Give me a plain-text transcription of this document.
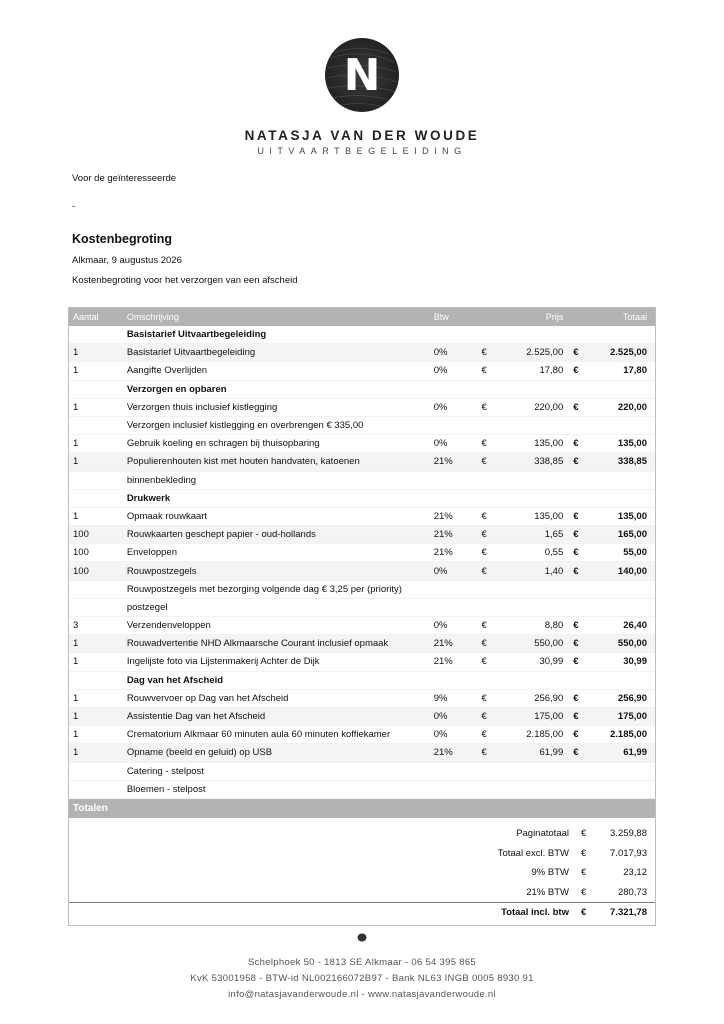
N
NATASJA VAN DER WOUDE
UITVAARTBEGELEIDING
Voor de geïnteresseerde
-
Kostenbegroting
Alkmaar, 9 augustus 2026
Kostenbegroting voor het verzorgen van een afscheid
Aantal	Omschrijving	Btw	Prijs	Totaal
Basistarief Uitvaartbegeleiding
1	Basistarief Uitvaartbegeleiding	0%	€	2.525,00	€	2.525,00
1	Aangifte Overlijden	0%	€	17,80	€	17,80
Verzorgen en opbaren
1	Verzorgen thuis inclusief kistlegging	0%	€	220,00	€	220,00
Verzorgen inclusief kistlegging en overbrengen € 335,00
1	Gebruik koeling en schragen bij thuisopbaring	0%	€	135,00	€	135,00
1	Populierenhouten kist met houten handvaten, katoenen	21%	€	338,85	€	338,85
binnenbekleding
Drukwerk
1	Opmaak rouwkaart	21%	€	135,00	€	135,00
100	Rouwkaarten geschept papier - oud-hollands	21%	€	1,65	€	165,00
100	Enveloppen	21%	€	0,55	€	55,00
100	Rouwpostzegels	0%	€	1,40	€	140,00
Rouwpostzegels met bezorging volgende dag € 3,25 per (priority)
postzegel
3	Verzendenveloppen	0%	€	8,80	€	26,40
1	Rouwadvertentie NHD Alkmaarsche Courant inclusief opmaak	21%	€	550,00	€	550,00
1	Ingelijste foto via Lijstenmakerij Achter de Dijk	21%	€	30,99	€	30,99
Dag van het Afscheid
1	Rouwvervoer op Dag van het Afscheid	9%	€	256,90	€	256,90
1	Assistentie Dag van het Afscheid	0%	€	175,00	€	175,00
1	Crematorium Alkmaar 60 minuten aula 60 minuten koffiekamer	0%	€	2.185,00	€	2.185,00
1	Opname (beeld en geluid) op USB	21%	€	61,99	€	61,99
Catering - stelpost
Bloemen - stelpost
Totalen
Paginatotaal	€	3.259,88
Totaal excl. BTW	€	7.017,93
9% BTW	€	23,12
21% BTW	€	280,73
Totaal incl. btw	€	7.321,78
Schelphoek 50 - 1813 SE Alkmaar - 06 54 395 865
KvK 53001958 - BTW-id NL002166072B97 - Bank NL63 INGB 0005 8930 91
info@natasjavanderwoude.nl - www.natasjavanderwoude.nl
